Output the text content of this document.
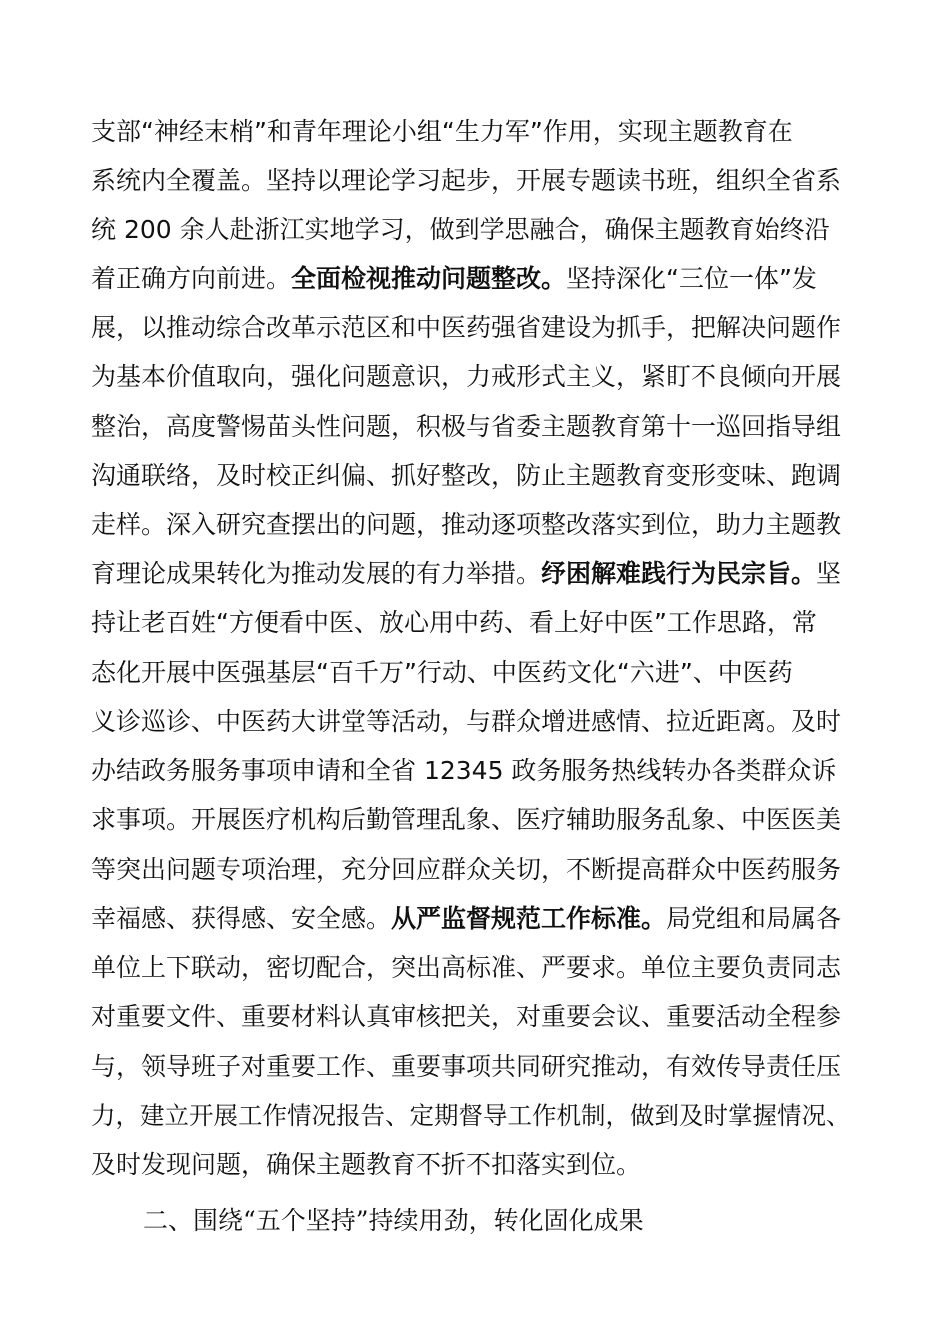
支部“神经末梢”和青年理论小组“生力军”作用，实现主题教育在
系统内全覆盖。坚持以理论学习起步，开展专题读书班，组织全省系
统 200 余人赴浙江实地学习，做到学思融合，确保主题教育始终沿
着正确方向前进。全面检视推动问题整改。坚持深化“三位一体”发
展，以推动综合改革示范区和中医药强省建设为抓手，把解决问题作
为基本价值取向，强化问题意识，力戒形式主义，紧盯不良倾向开展
整治，高度警惕苗头性问题，积极与省委主题教育第十一巡回指导组
沟通联络，及时校正纠偏、抓好整改，防止主题教育变形变味、跑调
走样。深入研究查摆出的问题，推动逐项整改落实到位，助力主题教
育理论成果转化为推动发展的有力举措。纾困解难践行为民宗旨。坚
持让老百姓“方便看中医、放心用中药、看上好中医”工作思路，常
态化开展中医强基层“百千万”行动、中医药文化“六进”、中医药
义诊巡诊、中医药大讲堂等活动，与群众增进感情、拉近距离。及时
办结政务服务事项申请和全省 12345 政务服务热线转办各类群众诉
求事项。开展医疗机构后勤管理乱象、医疗辅助服务乱象、中医医美
等突出问题专项治理，充分回应群众关切，不断提高群众中医药服务
幸福感、获得感、安全感。从严监督规范工作标准。局党组和局属各
单位上下联动，密切配合，突出高标准、严要求。单位主要负责同志
对重要文件、重要材料认真审核把关，对重要会议、重要活动全程参
与，领导班子对重要工作、重要事项共同研究推动，有效传导责任压
力，建立开展工作情况报告、定期督导工作机制，做到及时掌握情况、
及时发现问题，确保主题教育不折不扣落实到位。
二、围绕“五个坚持”持续用劲，转化固化成果
